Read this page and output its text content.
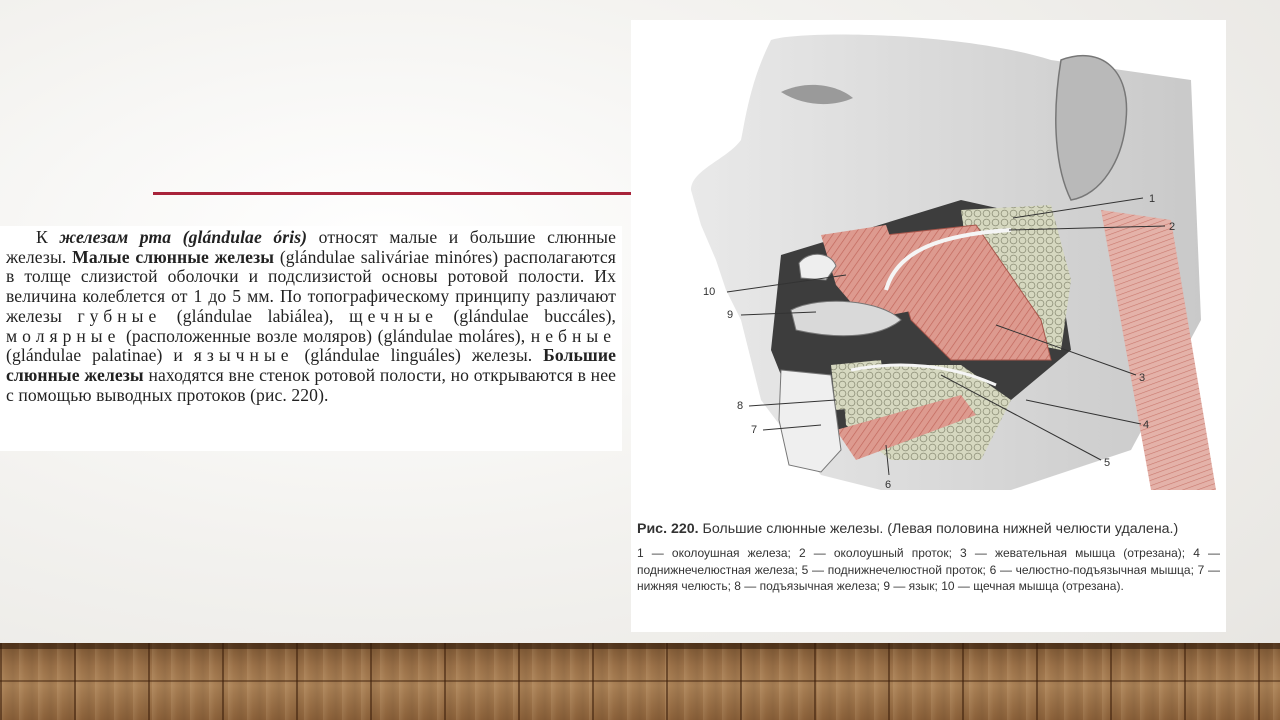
К железам рта (glándulae óris) относят малые и большие слюнные железы. Малые слюнные железы (glándulae saliváriae minóres) располагаются в толще слизистой оболочки и подслизистой основы ротовой полости. Их величина колеблется от 1 до 5 мм. По топографическому принципу различают железы губные (glándulae labiálea), щечные (glándulae buccáles), молярные (расположенные возле моляров) (glándulae moláres), небные (glándulae palatinae) и язычные (glándulae linguáles) железы. Большие слюнные железы находятся вне стенок ротовой полости, но открываются в нее с помощью выводных протоков (рис. 220).

1
2
3
4
5
6
7
8
9
10

Рис. 220. Большие слюнные железы. (Левая половина нижней челюсти удалена.)

1 — околоушная железа; 2 — околоушный проток; 3 — жевательная мышца (отрезана); 4 — поднижнечелюстная железа; 5 — поднижнечелюстной проток; 6 — челюстно-подъязычная мышца; 7 — нижняя челюсть; 8 — подъязычная железа; 9 — язык; 10 — щечная мышца (отрезана).
